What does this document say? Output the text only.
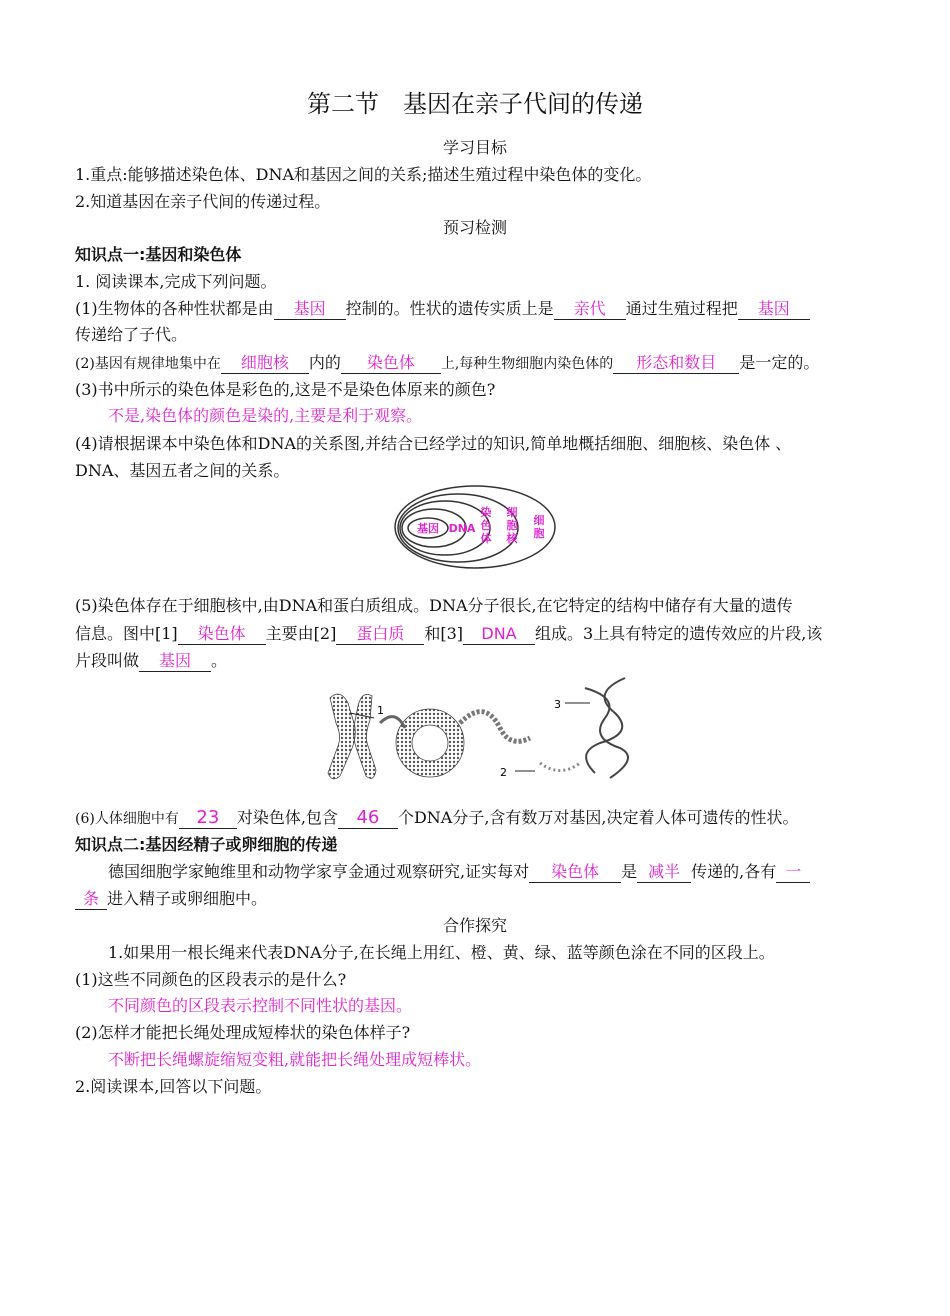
第二节　基因在亲子代间的传递
学习目标
1.重点:能够描述染色体、DNA和基因之间的关系;描述生殖过程中染色体的变化。
2.知道基因在亲子代间的传递过程。
预习检测
知识点一:基因和染色体
1. 阅读课本,完成下列问题。
(1)生物体的各种性状都是由 基因 控制的。性状的遗传实质上是 亲代 通过生殖过程把 基因
传递给了子代。
(2)基因有规律地集中在 细胞核 内的 染色体 上,每种生物细胞内染色体的 形态和数目 是一定的。
(3)书中所示的染色体是彩色的,这是不是染色体原来的颜色?
不是,染色体的颜色是染的,主要是利于观察。
(4)请根据课本中染色体和DNA的关系图,并结合已经学过的知识,简单地概括细胞、细胞核、染色体 、
DNA、基因五者之间的关系。
基因 DNA
染
色
体
细
胞
核
细
胞
(5)染色体存在于细胞核中,由DNA和蛋白质组成。DNA分子很长,在它特定的结构中储存有大量的遗传
信息。图中[1] 染色体 主要由[2] 蛋白质 和[3] DNA 组成。3上具有特定的遗传效应的片段,该
片段叫做 基因 。
1
2
3
(6)人体细胞中有 23 对染色体,包含 46 个DNA分子,含有数万对基因,决定着人体可遗传的性状。
知识点二:基因经精子或卵细胞的传递
德国细胞学家鲍维里和动物学家亨金通过观察研究,证实每对 染色体 是 减半 传递的,各有 一
条 进入精子或卵细胞中。
合作探究
1.如果用一根长绳来代表DNA分子,在长绳上用红、橙、黄、绿、蓝等颜色涂在不同的区段上。
(1)这些不同颜色的区段表示的是什么?
不同颜色的区段表示控制不同性状的基因。
(2)怎样才能把长绳处理成短棒状的染色体样子?
不断把长绳螺旋缩短变粗,就能把长绳处理成短棒状。
2.阅读课本,回答以下问题。
